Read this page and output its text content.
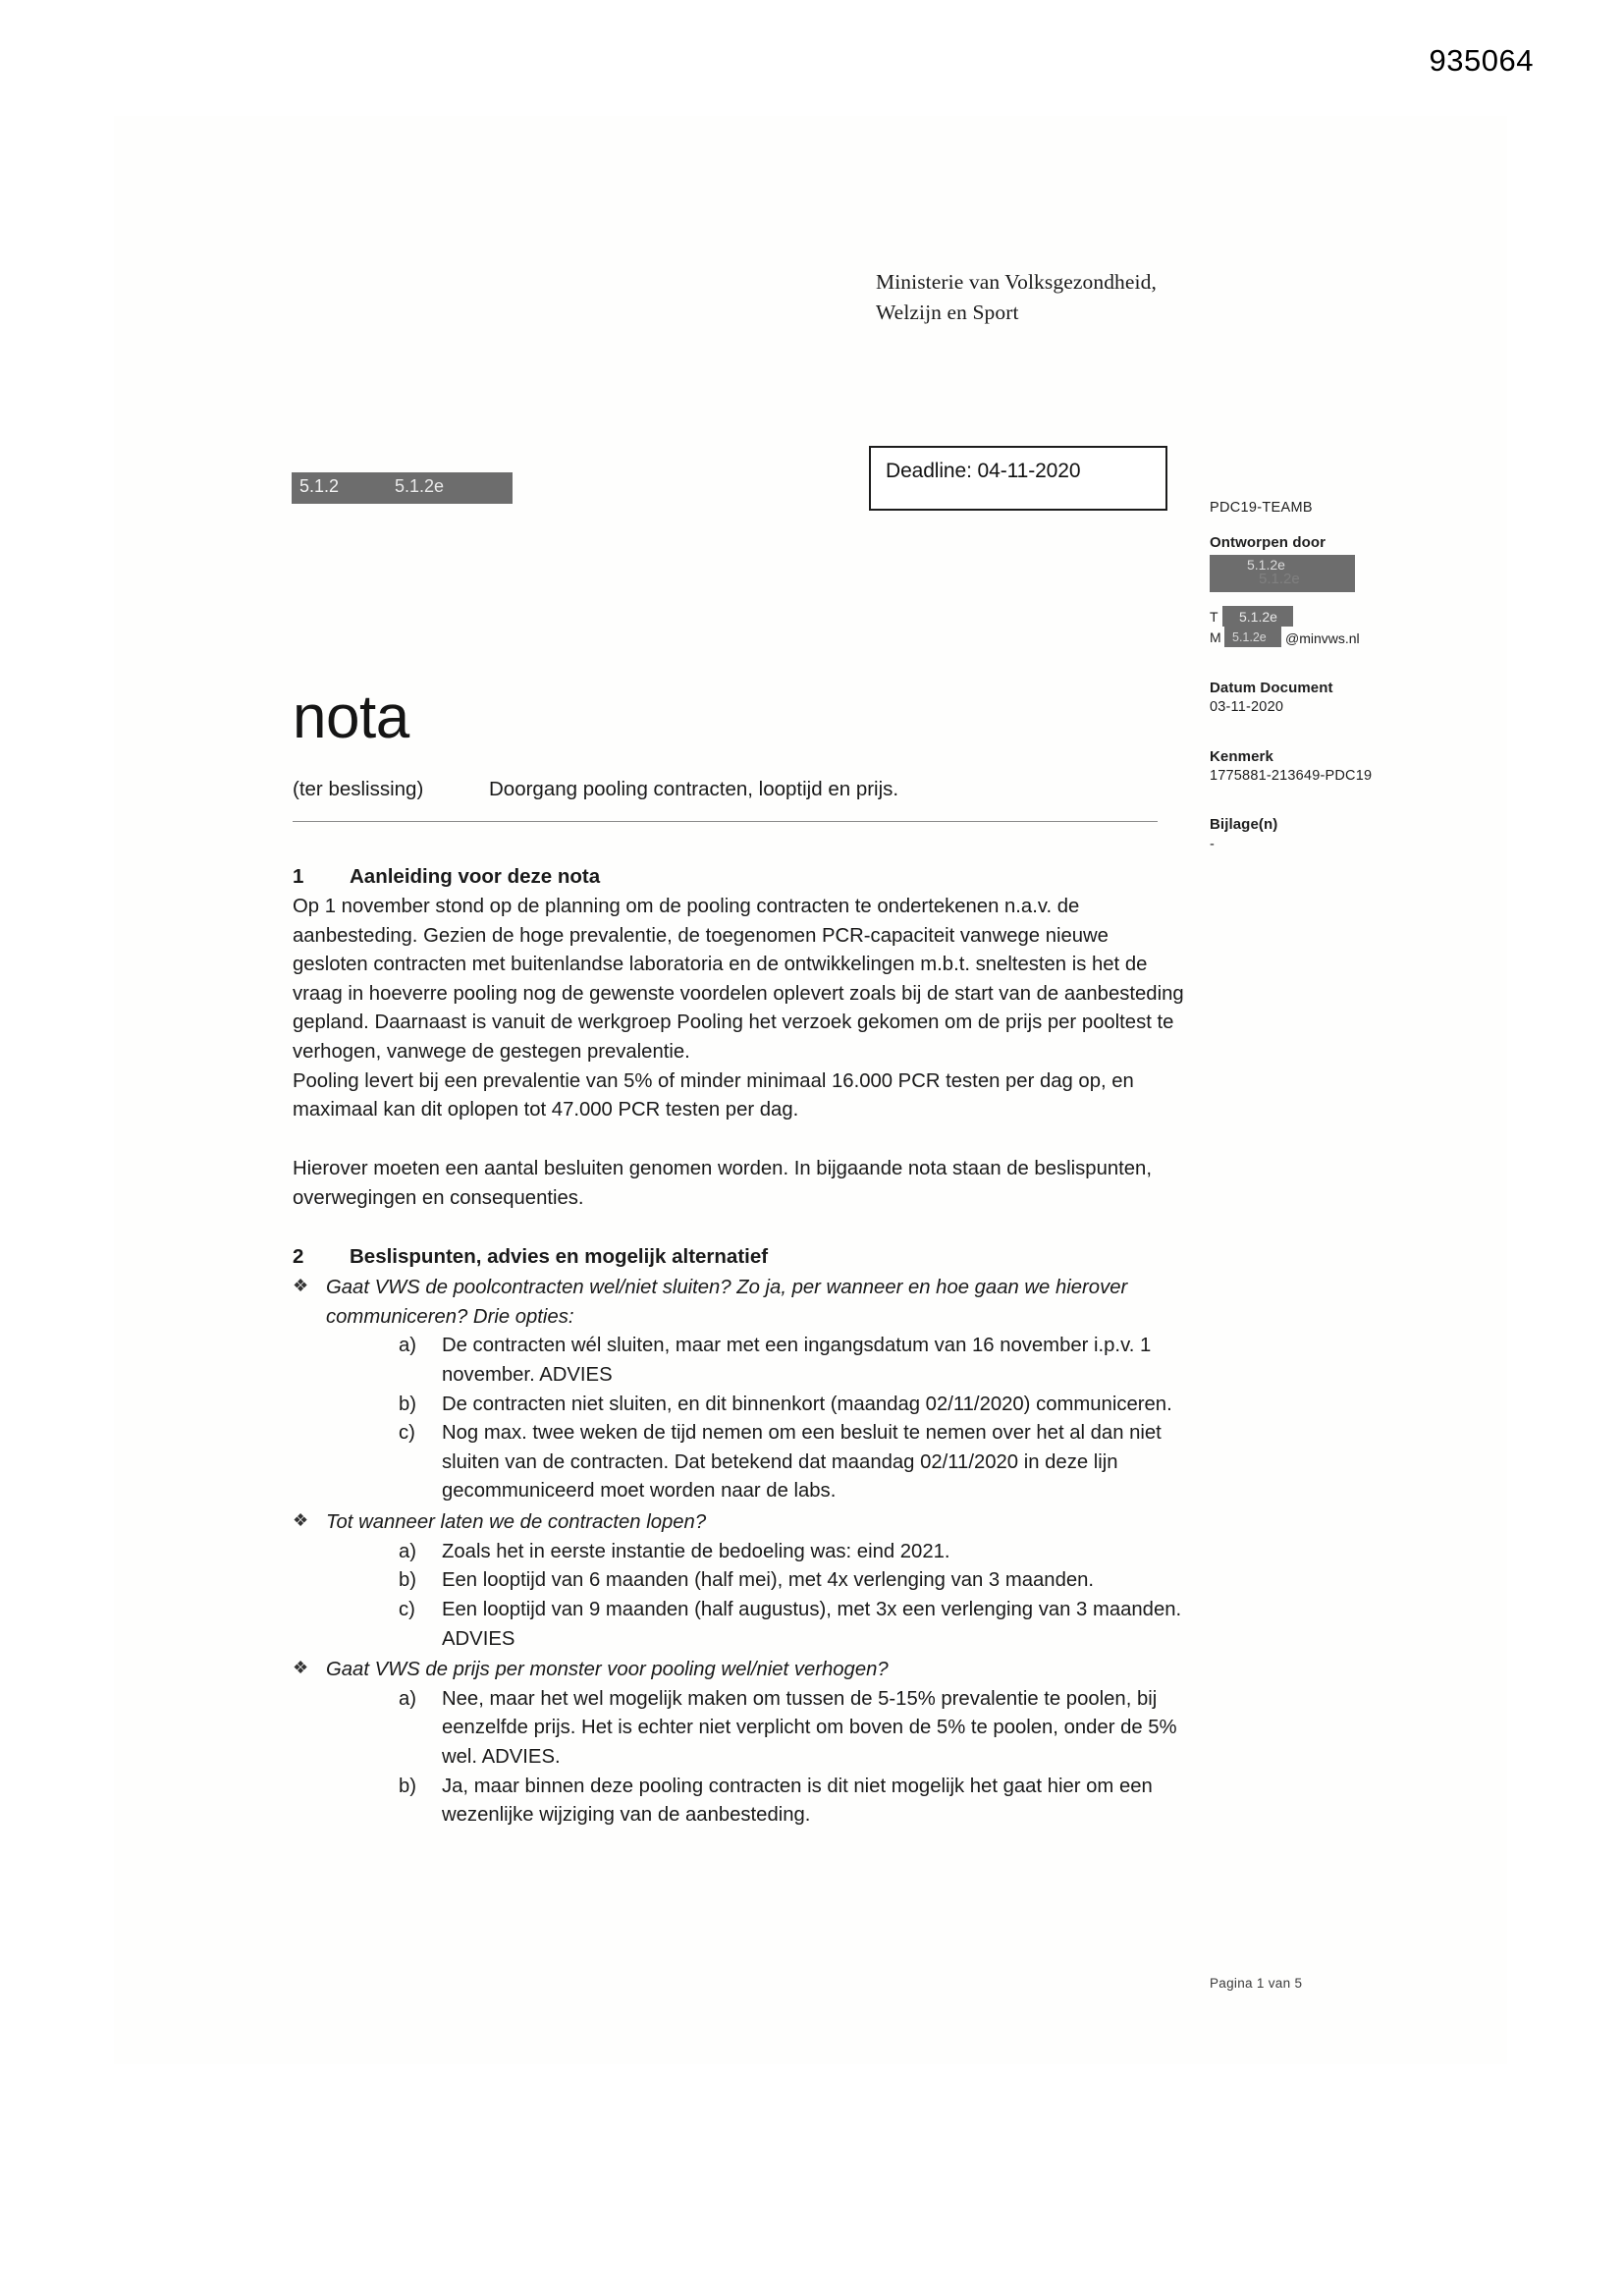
935064
Ministerie van Volksgezondheid,
Welzijn en Sport
5.1.2	5.1.2e
Deadline: 04-11-2020
PDC19-TEAMB
Ontworpen door
5.1.2e
5.1.2e
T 5.1.2e
M 5.1.2e @minvws.nl
Datum Document
03-11-2020
Kenmerk
1775881-213649-PDC19
Bijlage(n)
-
nota
(ter beslissing)	Doorgang pooling contracten, looptijd en prijs.
1 Aanleiding voor deze nota

Op 1 november stond op de planning om de pooling contracten te ondertekenen n.a.v. de aanbesteding. Gezien de hoge prevalentie, de toegenomen PCR-capaciteit vanwege nieuwe gesloten contracten met buitenlandse laboratoria en de ontwikkelingen m.b.t. sneltesten is het de vraag in hoeverre pooling nog de gewenste voordelen oplevert zoals bij de start van de aanbesteding gepland. Daarnaast is vanuit de werkgroep Pooling het verzoek gekomen om de prijs per pooltest te verhogen, vanwege de gestegen prevalentie.

Pooling levert bij een prevalentie van 5% of minder minimaal 16.000 PCR testen per dag op, en maximaal kan dit oplopen tot 47.000 PCR testen per dag.

Hierover moeten een aantal besluiten genomen worden. In bijgaande nota staan de beslispunten, overwegingen en consequenties.

2 Beslispunten, advies en mogelijk alternatief
❖ Gaat VWS de poolcontracten wel/niet sluiten? Zo ja, per wanneer en hoe gaan we hierover communiceren? Drie opties:
a) De contracten wél sluiten, maar met een ingangsdatum van 16 november i.p.v. 1 november. ADVIES
b) De contracten niet sluiten, en dit binnenkort (maandag 02/11/2020) communiceren.
c) Nog max. twee weken de tijd nemen om een besluit te nemen over het al dan niet sluiten van de contracten. Dat betekend dat maandag 02/11/2020 in deze lijn gecommuniceerd moet worden naar de labs.
❖ Tot wanneer laten we de contracten lopen?
a) Zoals het in eerste instantie de bedoeling was: eind 2021.
b) Een looptijd van 6 maanden (half mei), met 4x verlenging van 3 maanden.
c) Een looptijd van 9 maanden (half augustus), met 3x een verlenging van 3 maanden. ADVIES
❖ Gaat VWS de prijs per monster voor pooling wel/niet verhogen?
a) Nee, maar het wel mogelijk maken om tussen de 5-15% prevalentie te poolen, bij eenzelfde prijs. Het is echter niet verplicht om boven de 5% te poolen, onder de 5% wel. ADVIES.
b) Ja, maar binnen deze pooling contracten is dit niet mogelijk het gaat hier om een wezenlijke wijziging van de aanbesteding.
Pagina 1 van 5
